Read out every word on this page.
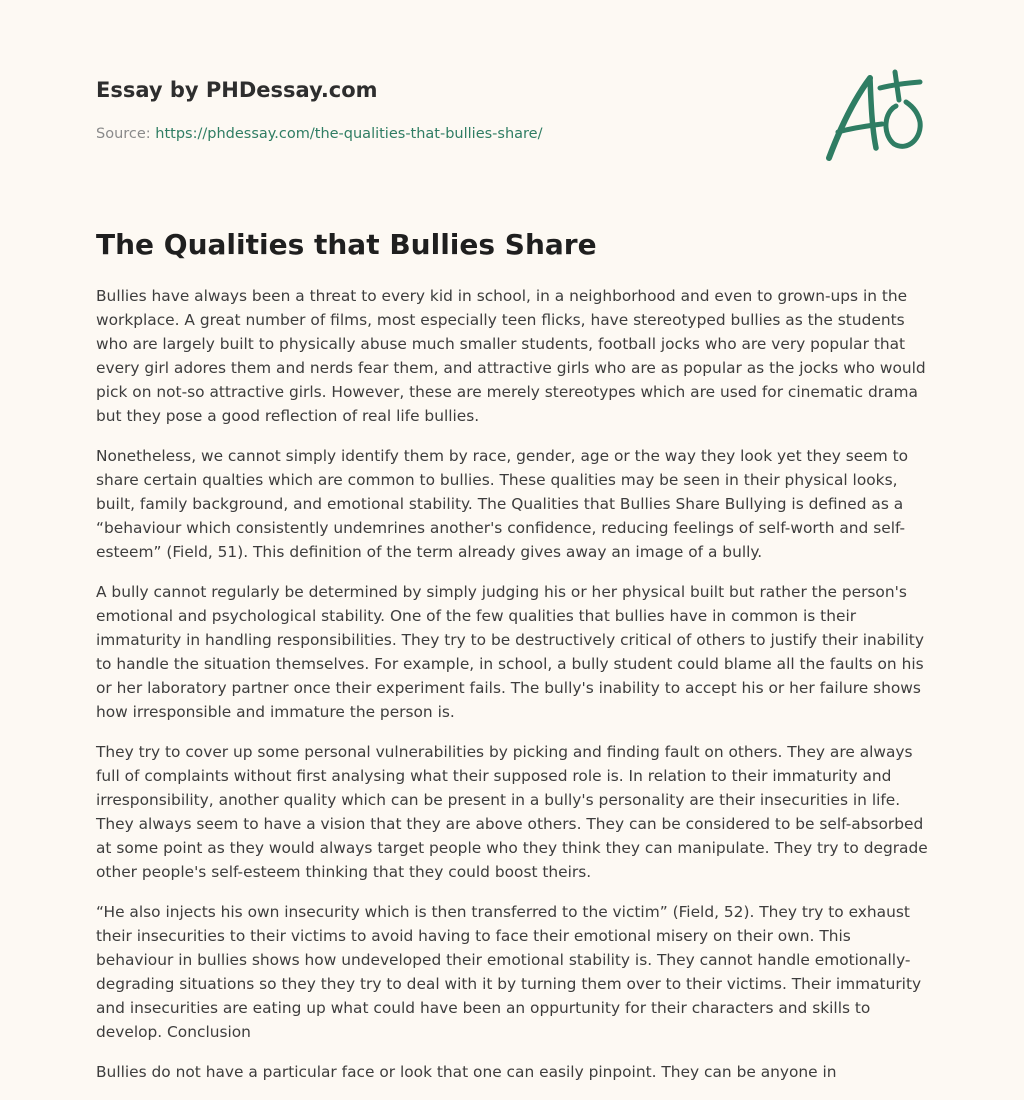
Essay by PHDessay.com
Source: https://phdessay.com/the-qualities-that-bullies-share/
The Qualities that Bullies Share

Bullies have always been a threat to every kid in school, in a neighborhood and even to grown-ups in the workplace. A great number of films, most especially teen flicks, have stereotyped bullies as the students who are largely built to physically abuse much smaller students, football jocks who are very popular that every girl adores them and nerds fear them, and attractive girls who are as popular as the jocks who would pick on not-so attractive girls. However, these are merely stereotypes which are used for cinematic drama but they pose a good reflection of real life bullies.

Nonetheless, we cannot simply identify them by race, gender, age or the way they look yet they seem to share certain qualties which are common to bullies. These qualities may be seen in their physical looks, built, family background, and emotional stability. The Qualities that Bullies Share Bullying is defined as a “behaviour which consistently undemrines another's confidence, reducing feelings of self-worth and self-esteem” (Field, 51). This definition of the term already gives away an image of a bully.

A bully cannot regularly be determined by simply judging his or her physical built but rather the person's emotional and psychological stability. One of the few qualities that bullies have in common is their immaturity in handling responsibilities. They try to be destructively critical of others to justify their inability to handle the situation themselves. For example, in school, a bully student could blame all the faults on his or her laboratory partner once their experiment fails. The bully's inability to accept his or her failure shows how irresponsible and immature the person is.

They try to cover up some personal vulnerabilities by picking and finding fault on others. They are always full of complaints without first analysing what their supposed role is. In relation to their immaturity and irresponsibility, another quality which can be present in a bully's personality are their insecurities in life. They always seem to have a vision that they are above others. They can be considered to be self-absorbed at some point as they would always target people who they think they can manipulate. They try to degrade other people's self-esteem thinking that they could boost theirs.

“He also injects his own insecurity which is then transferred to the victim” (Field, 52). They try to exhaust their insecurities to their victims to avoid having to face their emotional misery on their own. This behaviour in bullies shows how undeveloped their emotional stability is. They cannot handle emotionally-degrading situations so they they try to deal with it by turning them over to their victims. Their immaturity and insecurities are eating up what could have been an oppurtunity for their characters and skills to develop. Conclusion

Bullies do not have a particular face or look that one can easily pinpoint. They can be anyone in
